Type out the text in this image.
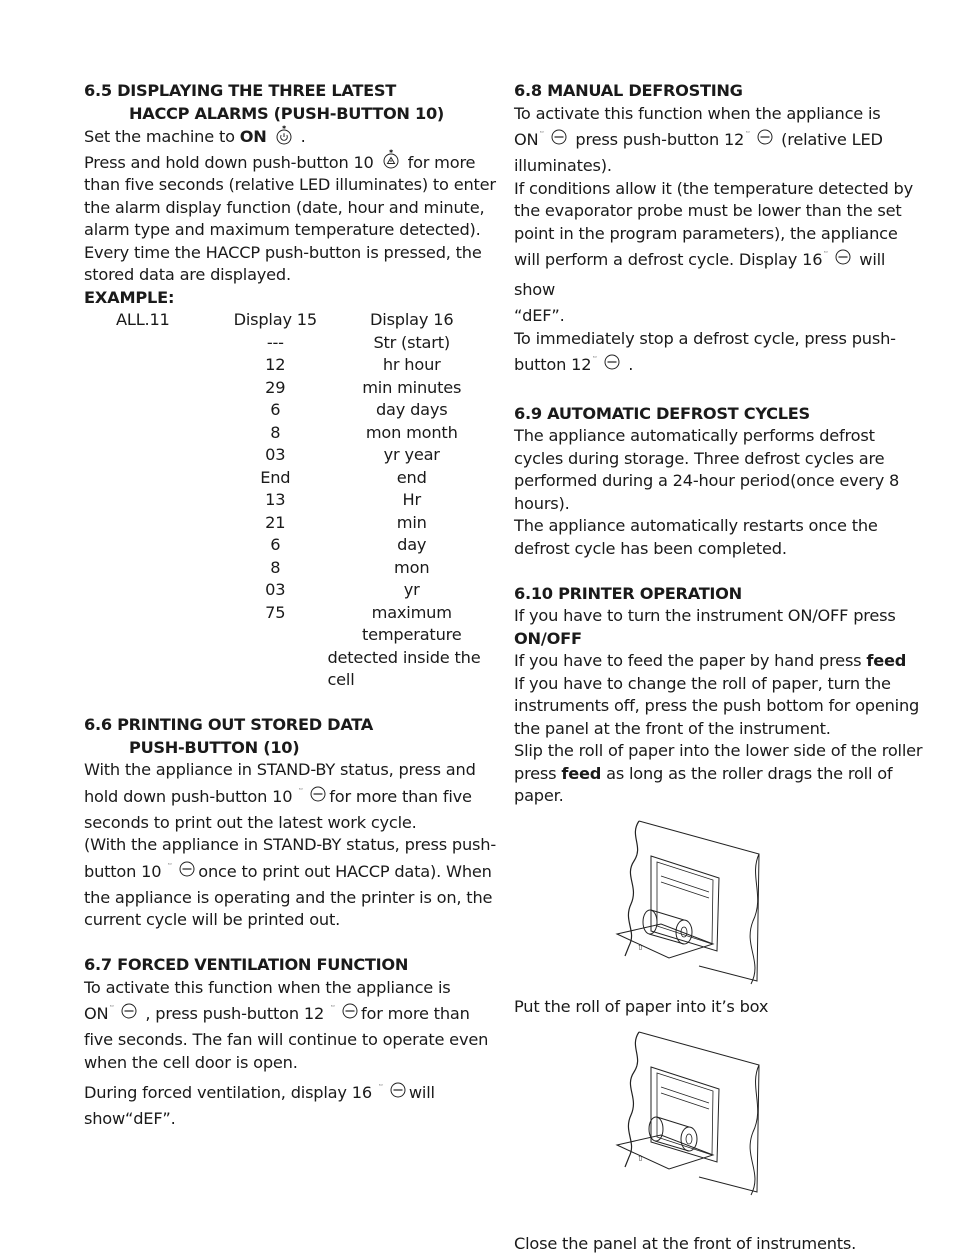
6.5 DISPLAYING THE THREE LATEST
HACCP ALARMS (PUSH-BUTTON 10)

Set the machine to ON	✱ .

Press and hold down push-button 10
✱
for more

than five seconds (relative LED illuminates) to enter the alarm display function (date, hour and minute, alarm type and maximum temperature detected). Every time the HACCP push-button is pressed, the stored data are displayed.

EXAMPLE:

ALL.11	Display 15	Display 16
	---	Str (start)
	12	hr hour
	29	min minutes
	6	day days
	8	mon month
	03	yr year
	End	end
	13	Hr
	21	min
	6	day
	8	mon
	03	yr
	75	maximum temperature
		detected inside the cell
6.6 PRINTING OUT STORED DATA
PUSH-BUTTON (10)

With the appliance in STAND-BY status, press and

hold down push-button 10 ᵏᵒʳ for more than five

seconds to print out the latest work cycle.

(With the appliance in STAND-BY status, press push-

button 10 ᵏᵒʳ once to print out HACCP data). When

the appliance is operating and the printer is on, the current cycle will be printed out.

6.7 FORCED VENTILATION FUNCTION

To activate this function when the appliance is

ON ᵏᵒʳ , press push-button 12 ᵏᵒʳ for more than

five seconds. The fan will continue to operate even when the cell door is open.

During forced ventilation, display 16 ᵏᵒʳ will

show“dEF”.

6.8 MANUAL DEFROSTING

To activate this function when the appliance is

ON ᵏᵒʳ press push-button 12 ᵏᵒʳ (relative LED

illuminates).

If conditions allow it (the temperature detected by the evaporator probe must be lower than the set point in the program parameters), the appliance

will perform a defrost cycle. Display 16 ᵏᵒʳ will show

“dEF”.

To immediately stop a defrost cycle, press push-

button 12 ᵏᵒʳ .

6.9 AUTOMATIC DEFROST CYCLES

The appliance automatically performs defrost cycles during storage. Three defrost cycles are performed during a 24-hour period(once every 8 hours).

The appliance automatically restarts once the defrost cycle has been completed.

6.10 PRINTER OPERATION

If you have to turn the instrument ON/OFF press

ON/OFF

If you have to feed the paper by hand press feed

If you have to change the roll of paper, turn the instruments off, press the push bottom for opening the panel at the front of the instrument.

Slip the roll of paper into the lower side of the roller

press feed as long as the roller drags the roll of

paper.

⇧

Put the roll of paper into it’s box

⇧

Close the panel at the front of instruments.
